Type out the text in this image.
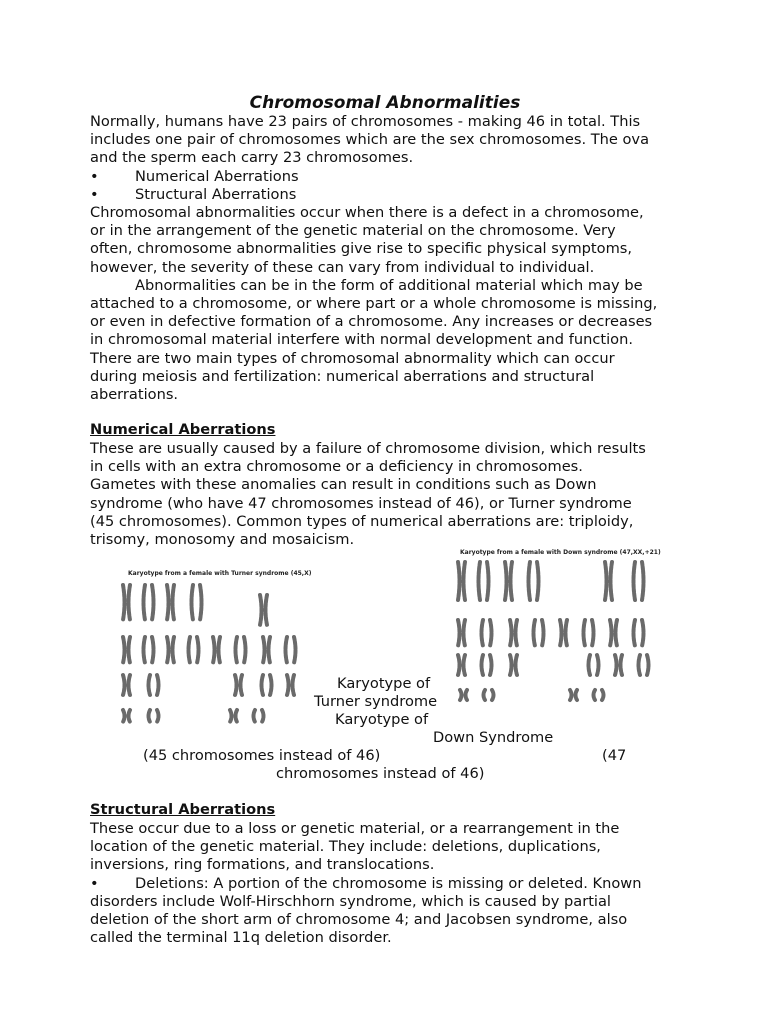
Chromosomal Abnormalities
Normally, humans have 23 pairs of chromosomes - making 46 in total. This
includes one pair of chromosomes which are the sex chromosomes. The ova
and the sperm each carry 23 chromosomes.
• Numerical Aberrations
• Structural Aberrations
Chromosomal abnormalities occur when there is a defect in a chromosome,
or in the arrangement of the genetic material on the chromosome. Very
often, chromosome abnormalities give rise to specific physical symptoms,
however, the severity of these can vary from individual to individual.
Abnormalities can be in the form of additional material which may be
attached to a chromosome, or where part or a whole chromosome is missing,
or even in defective formation of a chromosome. Any increases or decreases
in chromosomal material interfere with normal development and function.
There are two main types of chromosomal abnormality which can occur
during meiosis and fertilization: numerical aberrations and structural
aberrations.
Numerical Aberrations
These are usually caused by a failure of chromosome division, which results
in cells with an extra chromosome or a deficiency in chromosomes.
Gametes with these anomalies can result in conditions such as Down
syndrome (who have 47 chromosomes instead of 46), or Turner syndrome
(45 chromosomes). Common types of numerical aberrations are: triploidy,
trisomy, monosomy and mosaicism.
Karyotype from a female with Turner syndrome (45,X)
Karyotype from a female with Down syndrome (47,XX,+21)
Karyotype of
Turner syndrome
Karyotype of
Down Syndrome
(45 chromosomes instead of 46)	(47
chromosomes instead of 46)
Structural Aberrations
These occur due to a loss or genetic material, or a rearrangement in the
location of the genetic material. They include: deletions, duplications,
inversions, ring formations, and translocations.
• Deletions: A portion of the chromosome is missing or deleted. Known
disorders include Wolf-Hirschhorn syndrome, which is caused by partial
deletion of the short arm of chromosome 4; and Jacobsen syndrome, also
called the terminal 11q deletion disorder.
